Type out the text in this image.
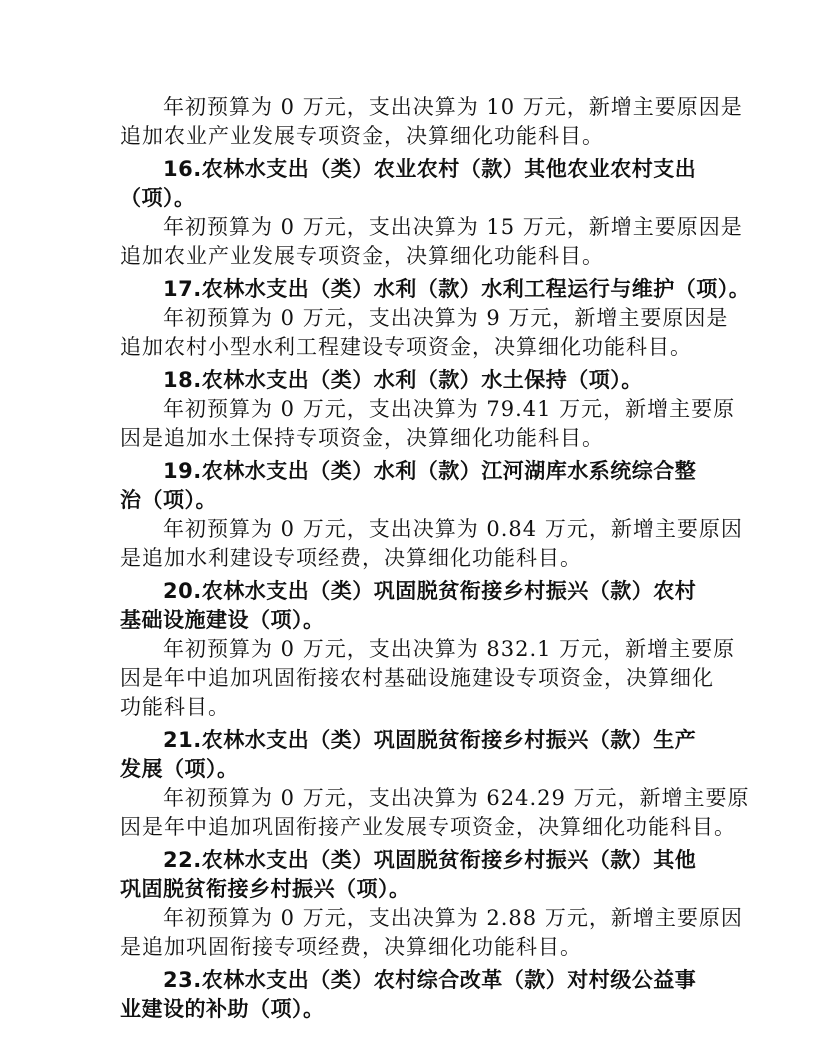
年初预算为 0 万元，支出决算为 10 万元，新增主要原因是
追加农业产业发展专项资金，决算细化功能科目。
16.农林水支出（类）农业农村（款）其他农业农村支出
（项）。
年初预算为 0 万元，支出决算为 15 万元，新增主要原因是
追加农业产业发展专项资金，决算细化功能科目。
17.农林水支出（类）水利（款）水利工程运行与维护（项）。
年初预算为 0 万元，支出决算为 9 万元，新增主要原因是
追加农村小型水利工程建设专项资金，决算细化功能科目。
18.农林水支出（类）水利（款）水土保持（项）。
年初预算为 0 万元，支出决算为 79.41 万元，新增主要原
因是追加水土保持专项资金，决算细化功能科目。
19.农林水支出（类）水利（款）江河湖库水系统综合整
治（项）。
年初预算为 0 万元，支出决算为 0.84 万元，新增主要原因
是追加水利建设专项经费，决算细化功能科目。
20.农林水支出（类）巩固脱贫衔接乡村振兴（款）农村
基础设施建设（项）。
年初预算为 0 万元，支出决算为 832.1 万元，新增主要原
因是年中追加巩固衔接农村基础设施建设专项资金，决算细化
功能科目。
21.农林水支出（类）巩固脱贫衔接乡村振兴（款）生产
发展（项）。
年初预算为 0 万元，支出决算为 624.29 万元，新增主要原
因是年中追加巩固衔接产业发展专项资金，决算细化功能科目。
22.农林水支出（类）巩固脱贫衔接乡村振兴（款）其他
巩固脱贫衔接乡村振兴（项）。
年初预算为 0 万元，支出决算为 2.88 万元，新增主要原因
是追加巩固衔接专项经费，决算细化功能科目。
23.农林水支出（类）农村综合改革（款）对村级公益事
业建设的补助（项）。
